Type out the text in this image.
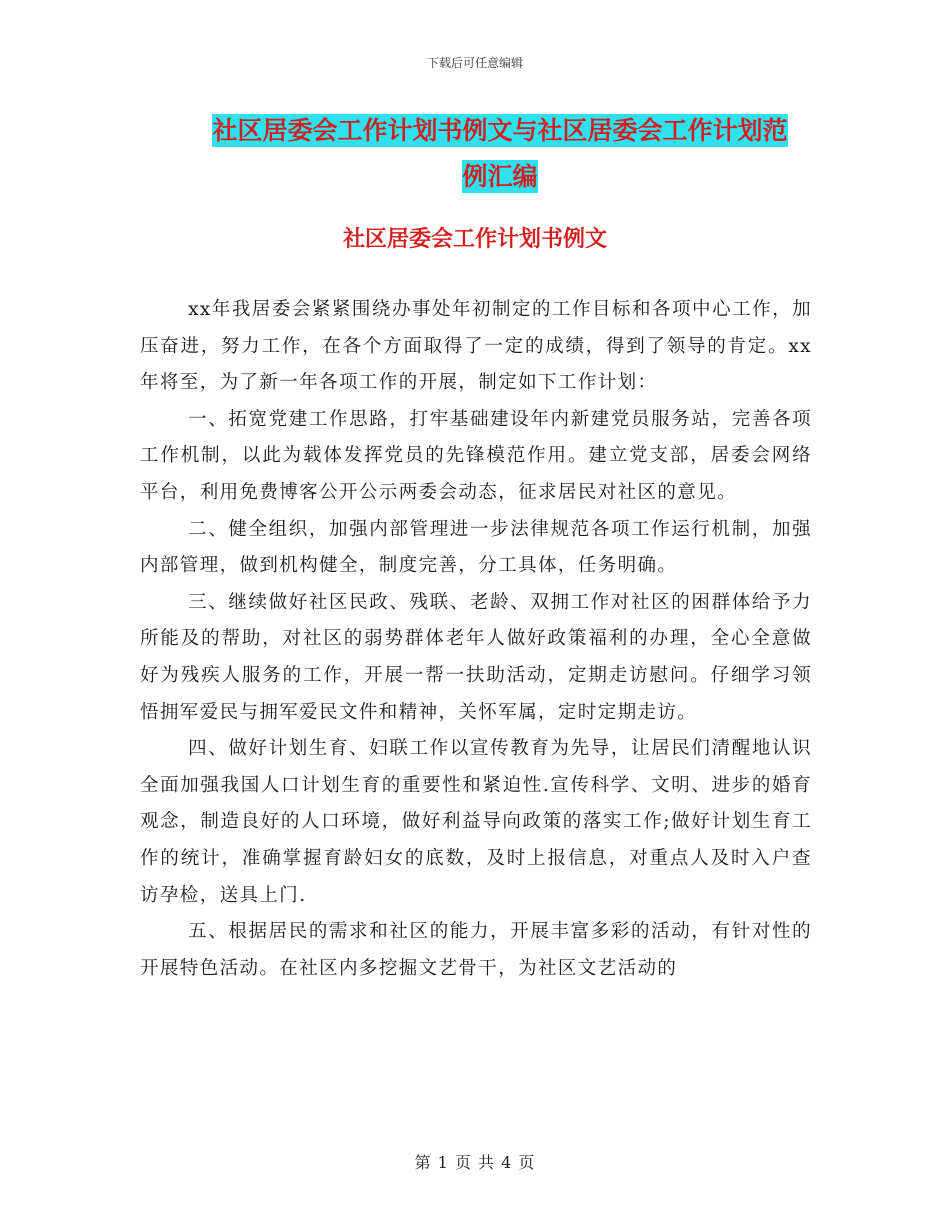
下载后可任意编辑
社区居委会工作计划书例文与社区居委会工作计划范
例汇编
社区居委会工作计划书例文

xx年我居委会紧紧围绕办事处年初制定的工作目标和各项中心工作，加压奋进，努力工作，在各个方面取得了一定的成绩，得到了领导的肯定。xx年将至，为了新一年各项工作的开展，制定如下工作计划：

一、拓宽党建工作思路，打牢基础建设年内新建党员服务站，完善各项工作机制，以此为载体发挥党员的先锋模范作用。建立党支部，居委会网络平台，利用免费博客公开公示两委会动态，征求居民对社区的意见。

二、健全组织，加强内部管理进一步法律规范各项工作运行机制，加强内部管理，做到机构健全，制度完善，分工具体，任务明确。

三、继续做好社区民政、残联、老龄、双拥工作对社区的困群体给予力所能及的帮助，对社区的弱势群体老年人做好政策福利的办理，全心全意做好为残疾人服务的工作，开展一帮一扶助活动，定期走访慰问。仔细学习领悟拥军爱民与拥军爱民文件和精神，关怀军属，定时定期走访。

四、做好计划生育、妇联工作以宣传教育为先导，让居民们清醒地认识全面加强我国人口计划生育的重要性和紧迫性.宣传科学、文明、进步的婚育观念，制造良好的人口环境，做好利益导向政策的落实工作;做好计划生育工作的统计，准确掌握育龄妇女的底数，及时上报信息，对重点人及时入户查访孕检，送具上门.

五、根据居民的需求和社区的能力，开展丰富多彩的活动，有针对性的开展特色活动。在社区内多挖掘文艺骨干，为社区文艺活动的

第 1 页 共 4 页
